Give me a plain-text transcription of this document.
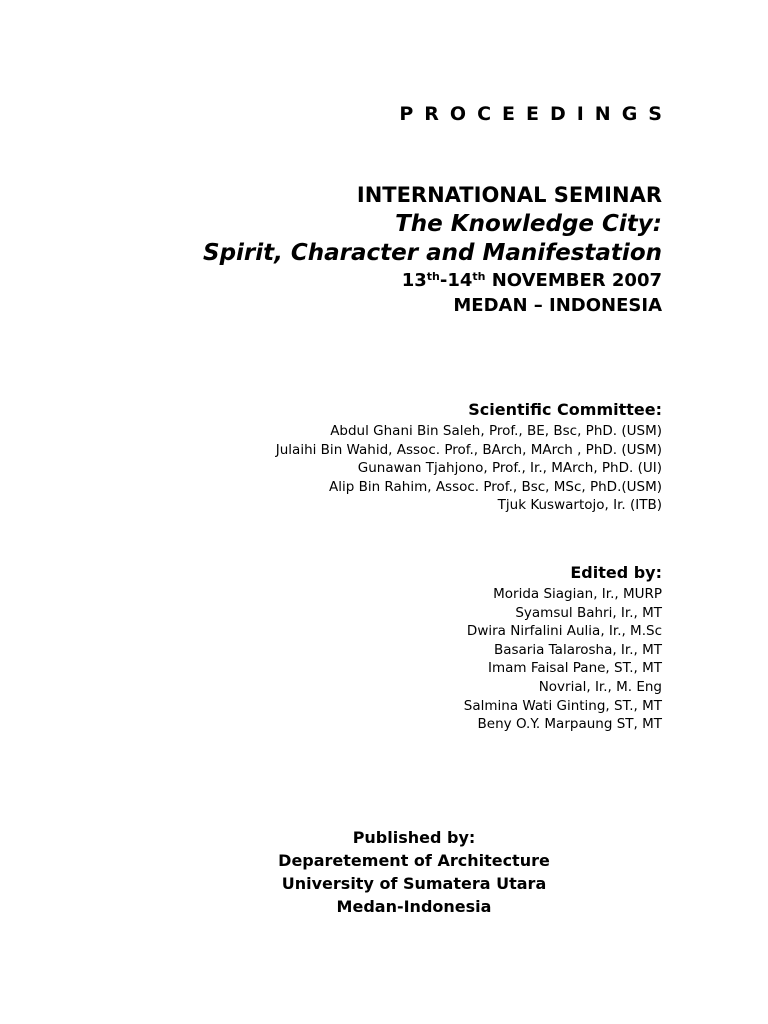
PROCEEDINGS
INTERNATIONAL SEMINAR
The Knowledge City:
Spirit, Character and Manifestation
13th-14th NOVEMBER 2007
MEDAN – INDONESIA
Scientific Committee:
Abdul Ghani Bin Saleh, Prof., BE, Bsc, PhD. (USM)
Julaihi Bin Wahid, Assoc. Prof., BArch, MArch , PhD. (USM)
Gunawan Tjahjono, Prof., Ir., MArch, PhD. (UI)
Alip Bin Rahim, Assoc. Prof., Bsc, MSc, PhD.(USM)
Tjuk Kuswartojo, Ir. (ITB)
Edited by:
Morida Siagian, Ir., MURP
Syamsul Bahri, Ir., MT
Dwira Nirfalini Aulia, Ir., M.Sc
Basaria Talarosha, Ir., MT
Imam Faisal Pane, ST., MT
Novrial, Ir., M. Eng
Salmina Wati Ginting, ST., MT
Beny O.Y. Marpaung ST, MT
Published by:
Deparetement of Architecture
University of Sumatera Utara
Medan-Indonesia
